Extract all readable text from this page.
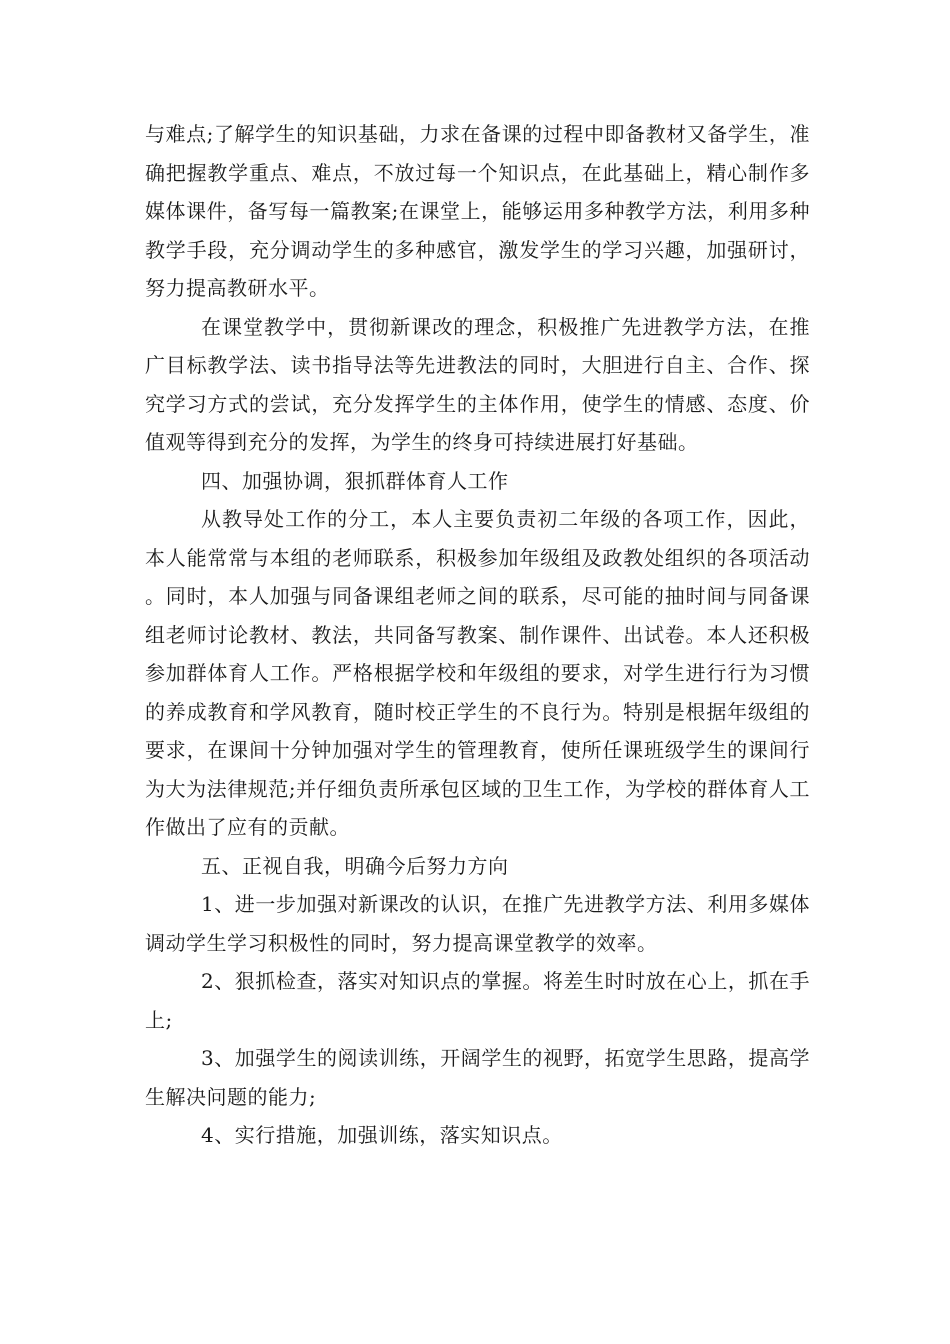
与难点;了解学生的知识基础，力求在备课的过程中即备教材又备学生，准确把握教学重点、难点，不放过每一个知识点，在此基础上，精心制作多媒体课件，备写每一篇教案;在课堂上，能够运用多种教学方法，利用多种教学手段，充分调动学生的多种感官，激发学生的学习兴趣，加强研讨，努力提高教研水平。

在课堂教学中，贯彻新课改的理念，积极推广先进教学方法，在推广目标教学法、读书指导法等先进教法的同时，大胆进行自主、合作、探究学习方式的尝试，充分发挥学生的主体作用，使学生的情感、态度、价值观等得到充分的发挥，为学生的终身可持续进展打好基础。

四、加强协调，狠抓群体育人工作

从教导处工作的分工，本人主要负责初二年级的各项工作，因此，本人能常常与本组的老师联系，积极参加年级组及政教处组织的各项活动。同时，本人加强与同备课组老师之间的联系，尽可能的抽时间与同备课组老师讨论教材、教法，共同备写教案、制作课件、出试卷。本人还积极参加群体育人工作。严格根据学校和年级组的要求，对学生进行行为习惯的养成教育和学风教育，随时校正学生的不良行为。特别是根据年级组的要求，在课间十分钟加强对学生的管理教育，使所任课班级学生的课间行为大为法律规范;并仔细负责所承包区域的卫生工作，为学校的群体育人工作做出了应有的贡献。

五、正视自我，明确今后努力方向

1、进一步加强对新课改的认识，在推广先进教学方法、利用多媒体调动学生学习积极性的同时，努力提高课堂教学的效率。

2、狠抓检查，落实对知识点的掌握。将差生时时放在心上，抓在手上;

3、加强学生的阅读训练，开阔学生的视野，拓宽学生思路，提高学生解决问题的能力;

4、实行措施，加强训练，落实知识点。
